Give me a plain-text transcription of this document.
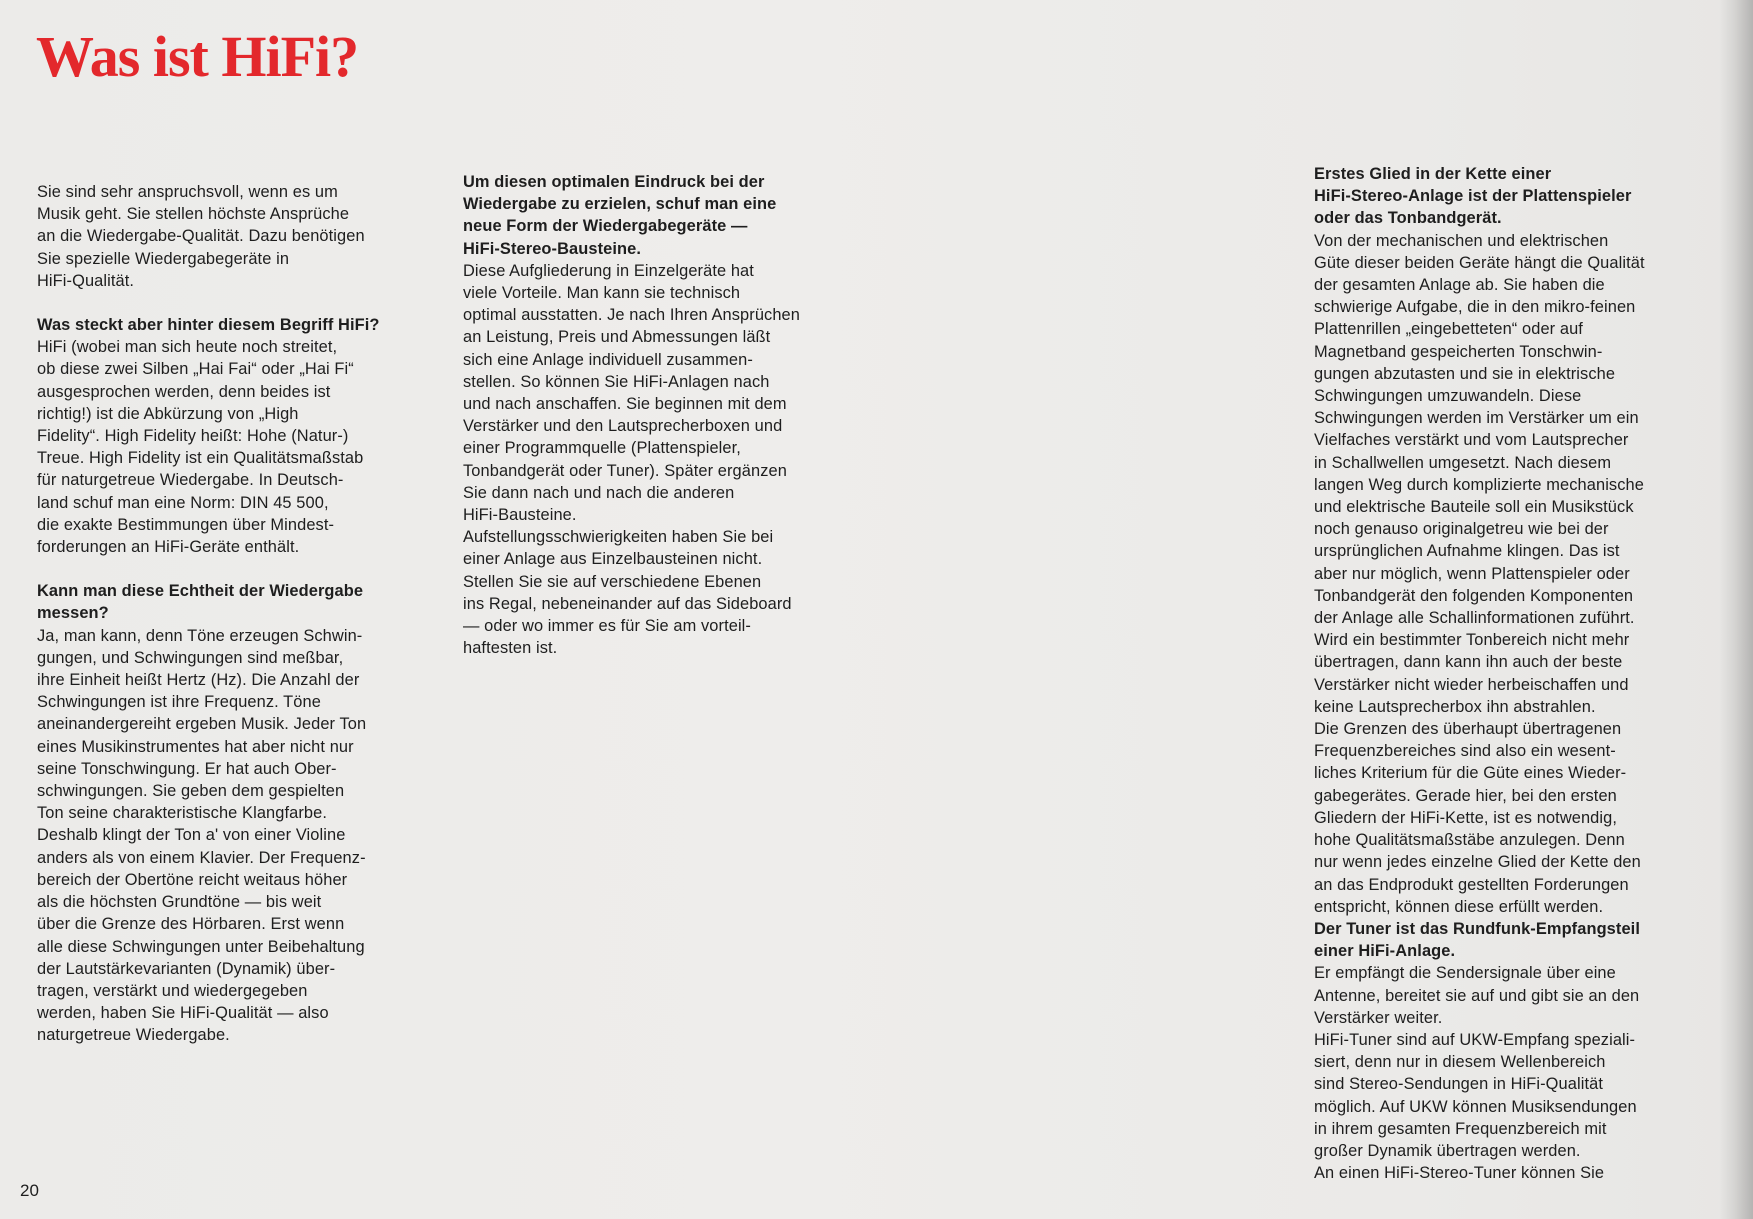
Was ist HiFi?

Sie sind sehr anspruchsvoll, wenn es um
Musik geht. Sie stellen höchste Ansprüche
an die Wiedergabe-Qualität. Dazu benötigen
Sie spezielle Wiedergabegeräte in
HiFi-Qualität.

Was steckt aber hinter diesem Begriff HiFi?

HiFi (wobei man sich heute noch streitet,
ob diese zwei Silben „Hai Fai“ oder „Hai Fi“
ausgesprochen werden, denn beides ist
richtig!) ist die Abkürzung von „High
Fidelity“. High Fidelity heißt: Hohe (Natur-)
Treue. High Fidelity ist ein Qualitätsmaßstab
für naturgetreue Wiedergabe. In Deutsch-
land schuf man eine Norm: DIN 45 500,
die exakte Bestimmungen über Mindest-
forderungen an HiFi-Geräte enthält.

Kann man diese Echtheit der Wiedergabe
messen?

Ja, man kann, denn Töne erzeugen Schwin-
gungen, und Schwingungen sind meßbar,
ihre Einheit heißt Hertz (Hz). Die Anzahl der
Schwingungen ist ihre Frequenz. Töne
aneinandergereiht ergeben Musik. Jeder Ton
eines Musikinstrumentes hat aber nicht nur
seine Tonschwingung. Er hat auch Ober-
schwingungen. Sie geben dem gespielten
Ton seine charakteristische Klangfarbe.
Deshalb klingt der Ton a' von einer Violine
anders als von einem Klavier. Der Frequenz-
bereich der Obertöne reicht weitaus höher
als die höchsten Grundtöne — bis weit
über die Grenze des Hörbaren. Erst wenn
alle diese Schwingungen unter Beibehaltung
der Lautstärkevarianten (Dynamik) über-
tragen, verstärkt und wiedergegeben
werden, haben Sie HiFi-Qualität — also
naturgetreue Wiedergabe.

Um diesen optimalen Eindruck bei der
Wiedergabe zu erzielen, schuf man eine
neue Form der Wiedergabegeräte —
HiFi-Stereo-Bausteine.

Diese Aufgliederung in Einzelgeräte hat
viele Vorteile. Man kann sie technisch
optimal ausstatten. Je nach Ihren Ansprüchen
an Leistung, Preis und Abmessungen läßt
sich eine Anlage individuell zusammen-
stellen. So können Sie HiFi-Anlagen nach
und nach anschaffen. Sie beginnen mit dem
Verstärker und den Lautsprecherboxen und
einer Programmquelle (Plattenspieler,
Tonbandgerät oder Tuner). Später ergänzen
Sie dann nach und nach die anderen
HiFi-Bausteine.

Aufstellungsschwierigkeiten haben Sie bei
einer Anlage aus Einzelbausteinen nicht.
Stellen Sie sie auf verschiedene Ebenen
ins Regal, nebeneinander auf das Sideboard
— oder wo immer es für Sie am vorteil-
haftesten ist.

Erstes Glied in der Kette einer
HiFi-Stereo-Anlage ist der Plattenspieler
oder das Tonbandgerät.

Von der mechanischen und elektrischen
Güte dieser beiden Geräte hängt die Qualität
der gesamten Anlage ab. Sie haben die
schwierige Aufgabe, die in den mikro-feinen
Plattenrillen „eingebetteten“ oder auf
Magnetband gespeicherten Tonschwin-
gungen abzutasten und sie in elektrische
Schwingungen umzuwandeln. Diese
Schwingungen werden im Verstärker um ein
Vielfaches verstärkt und vom Lautsprecher
in Schallwellen umgesetzt. Nach diesem
langen Weg durch komplizierte mechanische
und elektrische Bauteile soll ein Musikstück
noch genauso originalgetreu wie bei der
ursprünglichen Aufnahme klingen. Das ist
aber nur möglich, wenn Plattenspieler oder
Tonbandgerät den folgenden Komponenten
der Anlage alle Schallinformationen zuführt.
Wird ein bestimmter Tonbereich nicht mehr
übertragen, dann kann ihn auch der beste
Verstärker nicht wieder herbeischaffen und
keine Lautsprecherbox ihn abstrahlen.

Die Grenzen des überhaupt übertragenen
Frequenzbereiches sind also ein wesent-
liches Kriterium für die Güte eines Wieder-
gabegerätes. Gerade hier, bei den ersten
Gliedern der HiFi-Kette, ist es notwendig,
hohe Qualitätsmaßstäbe anzulegen. Denn
nur wenn jedes einzelne Glied der Kette den
an das Endprodukt gestellten Forderungen
entspricht, können diese erfüllt werden.

Der Tuner ist das Rundfunk-Empfangsteil
einer HiFi-Anlage.

Er empfängt die Sendersignale über eine
Antenne, bereitet sie auf und gibt sie an den
Verstärker weiter.

HiFi-Tuner sind auf UKW-Empfang speziali-
siert, denn nur in diesem Wellenbereich
sind Stereo-Sendungen in HiFi-Qualität
möglich. Auf UKW können Musiksendungen
in ihrem gesamten Frequenzbereich mit
großer Dynamik übertragen werden.

An einen HiFi-Stereo-Tuner können Sie

20
